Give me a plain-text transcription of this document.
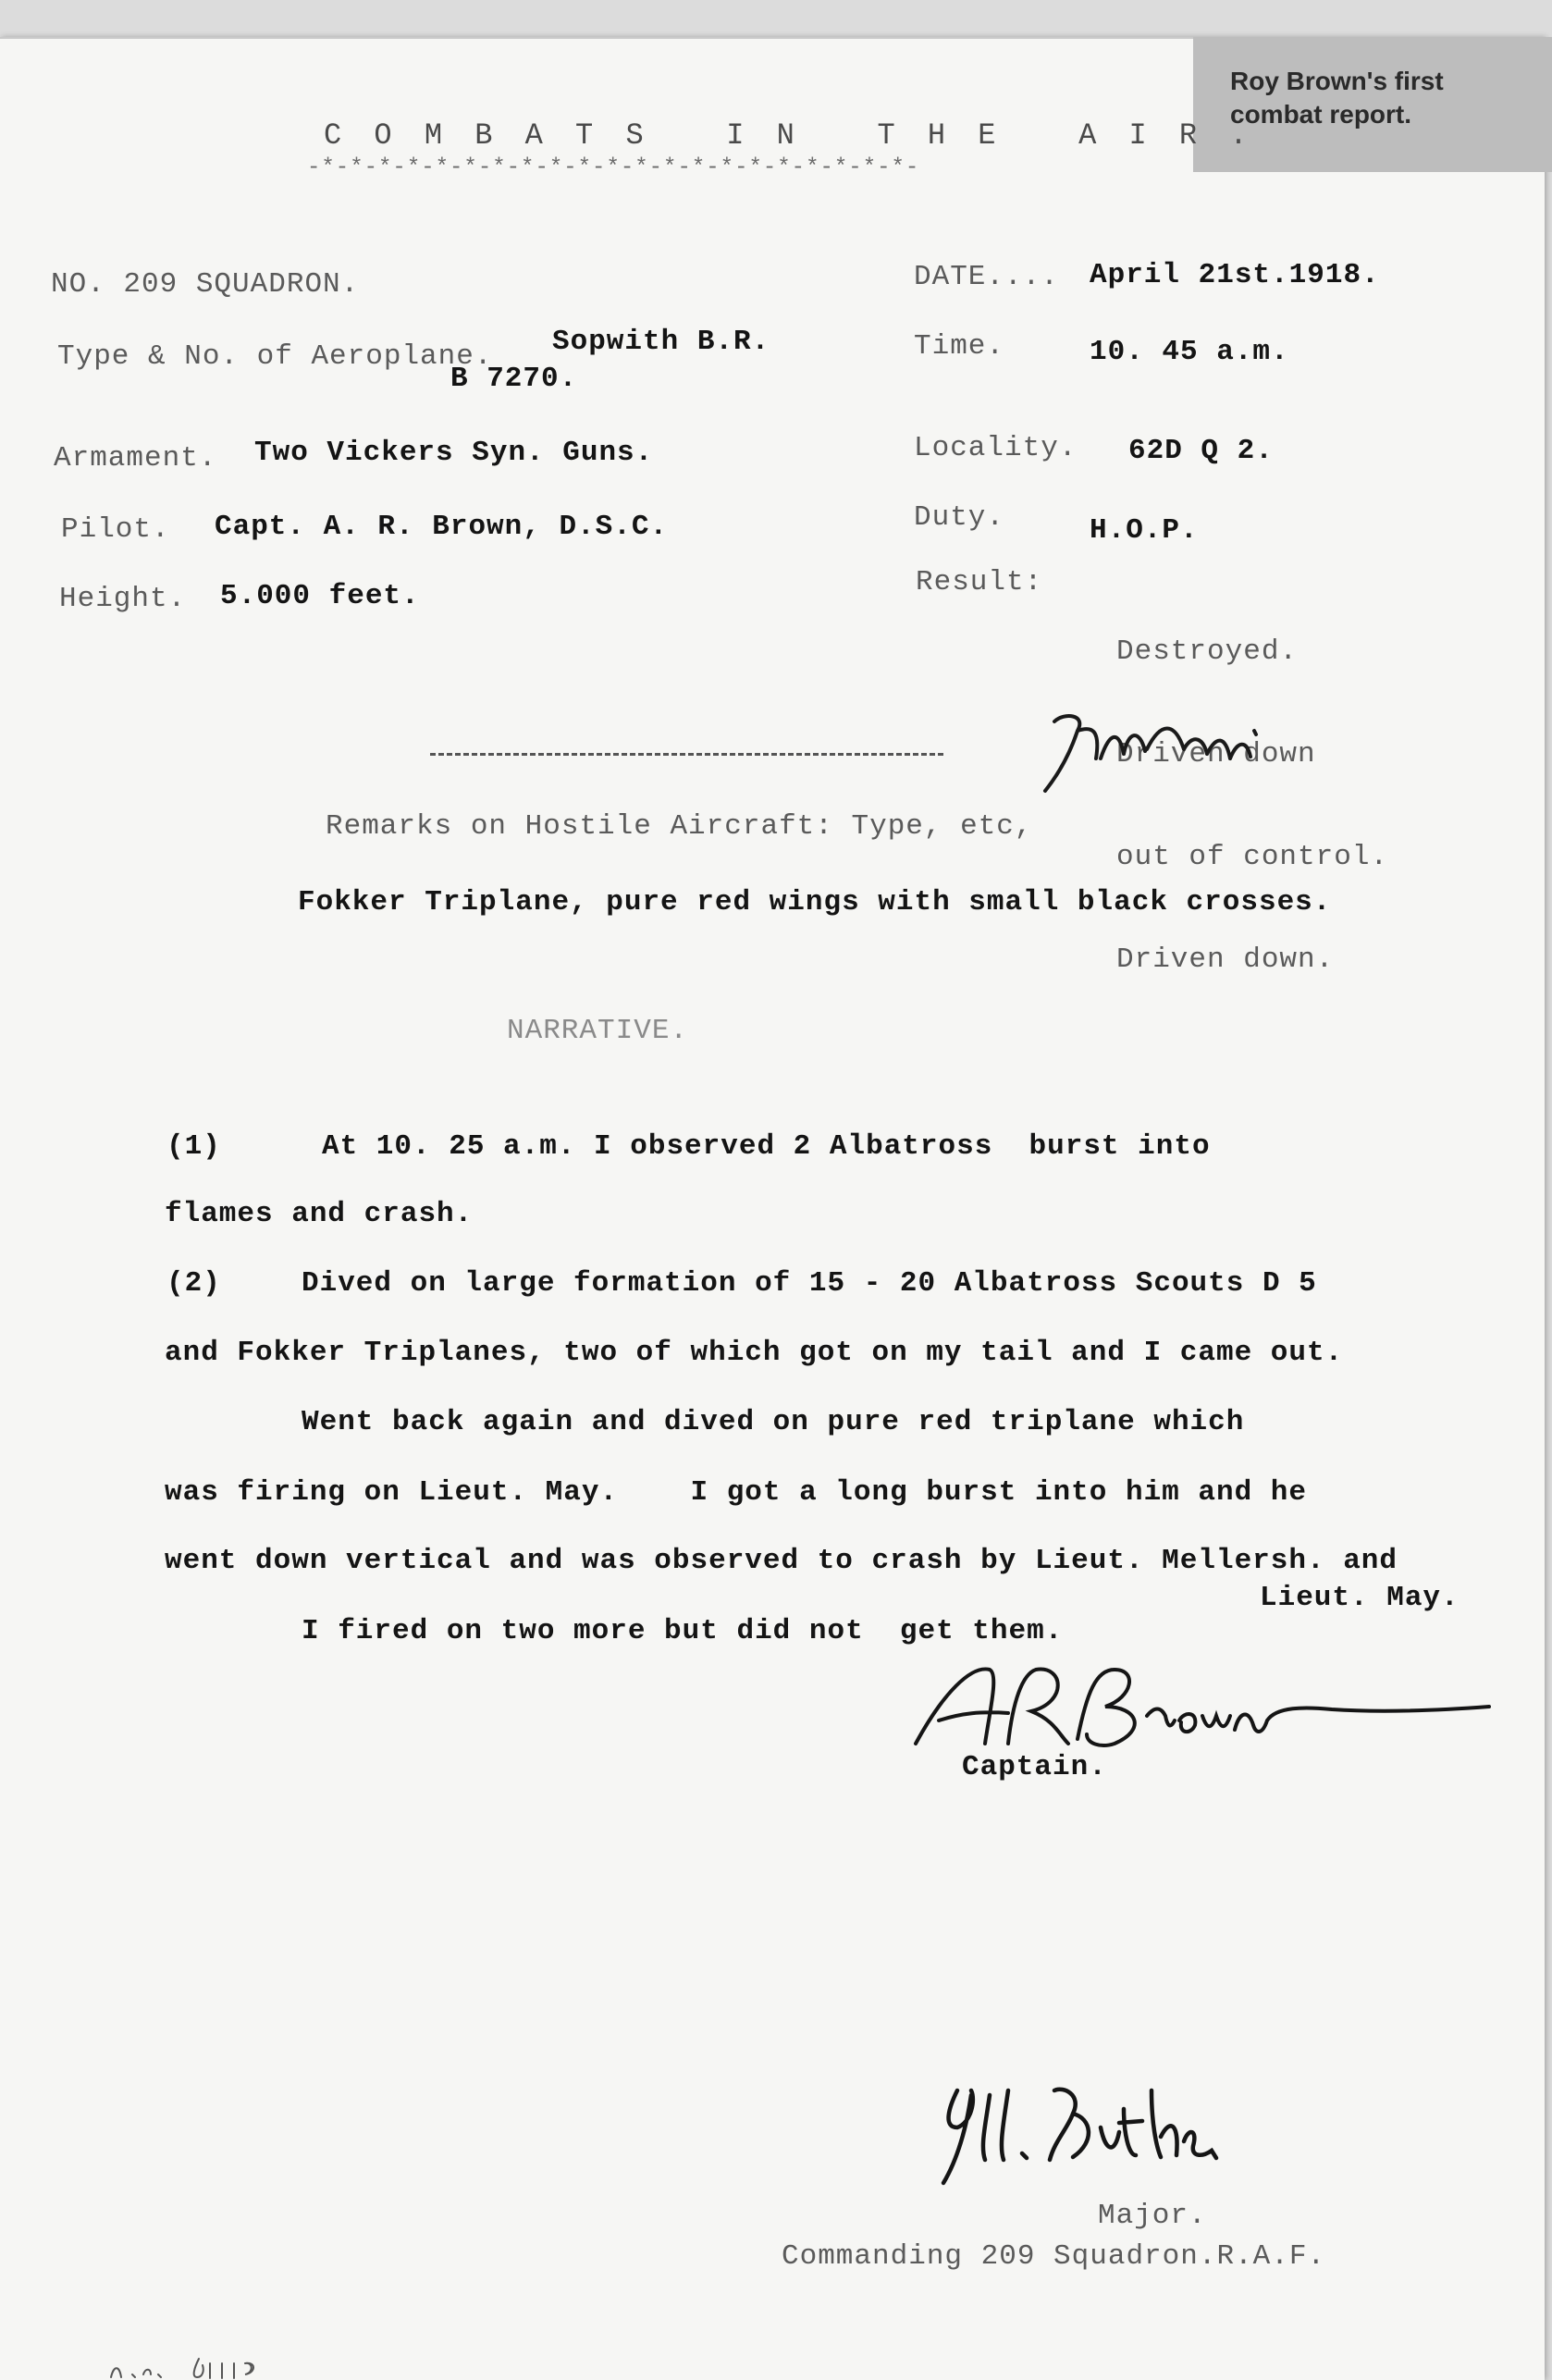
Roy Brown's first
combat report.
C O M B A T S   I N   T H E   A I R .
-*-*-*-*-*-*-*-*-*-*-*-*-*-*-*-*-*-*-*-*-*-
NO. 209 SQUADRON.
Type & No. of Aeroplane. Sopwith B.R.
B 7270.
Armament. Two Vickers Syn. Guns.
Pilot. Capt. A. R. Brown, D.S.C.
Height. 5.000 feet.
DATE.... April 21st.1918.
Time.	10. 45 a.m.
Locality. 62D Q 2.
Duty.	H.O.P.
Result:

Destroyed.

Driven down

out of control.

Driven down.

Remarks on Hostile Aircraft: Type, etc,
Fokker Triplane, pure red wings with small black crosses.
NARRATIVE.
(1)	At 10. 25 a.m. I observed 2 Albatross  burst into
flames and crash.
(2)	Dived on large formation of 15 - 20 Albatross Scouts D 5
and Fokker Triplanes, two of which got on my tail and I came out.
Went back again and dived on pure red triplane which
was firing on Lieut. May.    I got a long burst into him and he
went down vertical and was observed to crash by Lieut. Mellersh. and
Lieut. May.
I fired on two more but did not  get them.
Captain.
Major.
Commanding 209 Squadron.R.A.F.
